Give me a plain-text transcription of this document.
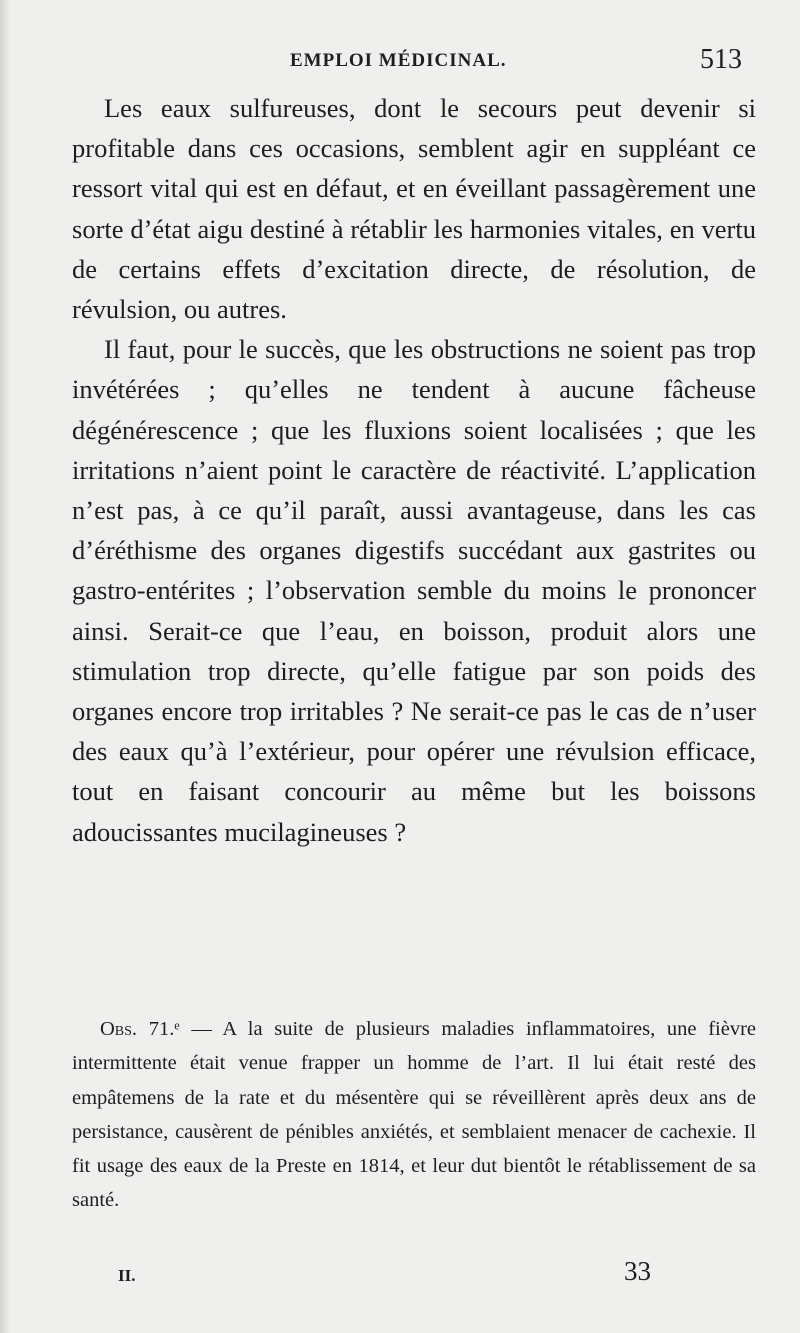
EMPLOI MÉDICINAL.	513

Les eaux sulfureuses, dont le secours peut devenir si profitable dans ces occasions, semblent agir en suppléant ce ressort vital qui est en défaut, et en éveillant passagèrement une sorte d’état aigu destiné à rétablir les harmonies vitales, en vertu de certains effets d’excitation directe, de résolution, de révulsion, ou autres.

Il faut, pour le succès, que les obstructions ne soient pas trop invétérées ; qu’elles ne tendent à aucune fâcheuse dégénérescence ; que les fluxions soient localisées ; que les irritations n’aient point le caractère de réactivité. L’application n’est pas, à ce qu’il paraît, aussi avantageuse, dans les cas d’éréthisme des organes digestifs succédant aux gastrites ou gastro-entérites ; l’observation semble du moins le prononcer ainsi. Serait-ce que l’eau, en boisson, produit alors une stimulation trop directe, qu’elle fatigue par son poids des organes encore trop irritables ? Ne serait-ce pas le cas de n’user des eaux qu’à l’extérieur, pour opérer une révulsion efficace, tout en faisant concourir au même but les boissons adoucissantes mucilagineuses ?

Obs. 71.ᵉ — A la suite de plusieurs maladies inflammatoires, une fièvre intermittente était venue frapper un homme de l’art. Il lui était resté des empâtemens de la rate et du mésentère qui se réveillèrent après deux ans de persistance, causèrent de pénibles anxiétés, et semblaient menacer de cachexie. Il fit usage des eaux de la Preste en 1814, et leur dut bientôt le rétablissement de sa santé.

II.	33
